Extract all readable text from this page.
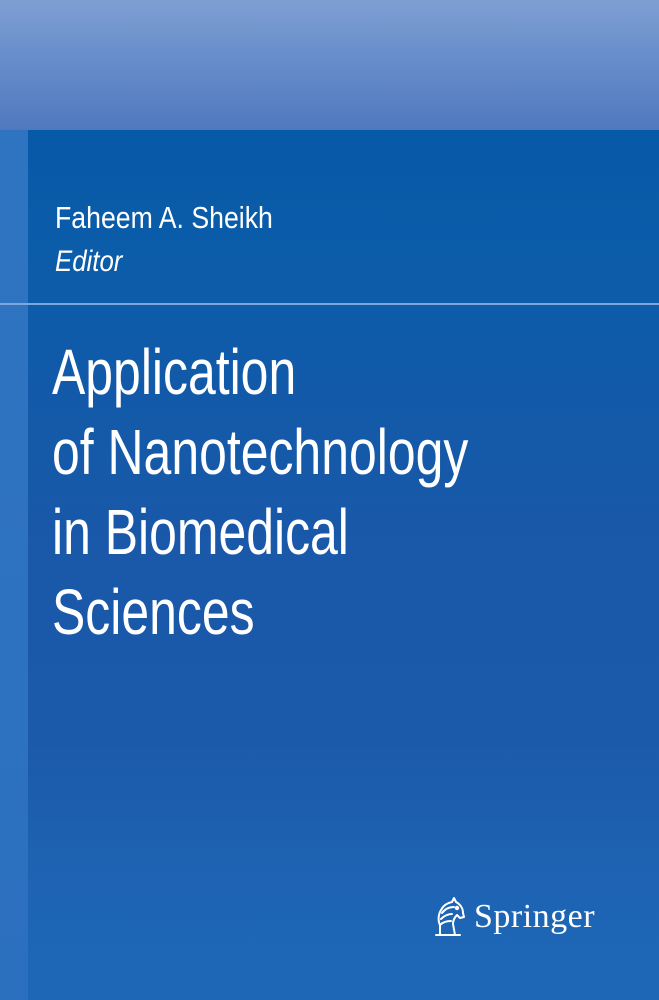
Faheem A. Sheikh
Editor
Application
of Nanotechnology
in Biomedical
Sciences
Springer
